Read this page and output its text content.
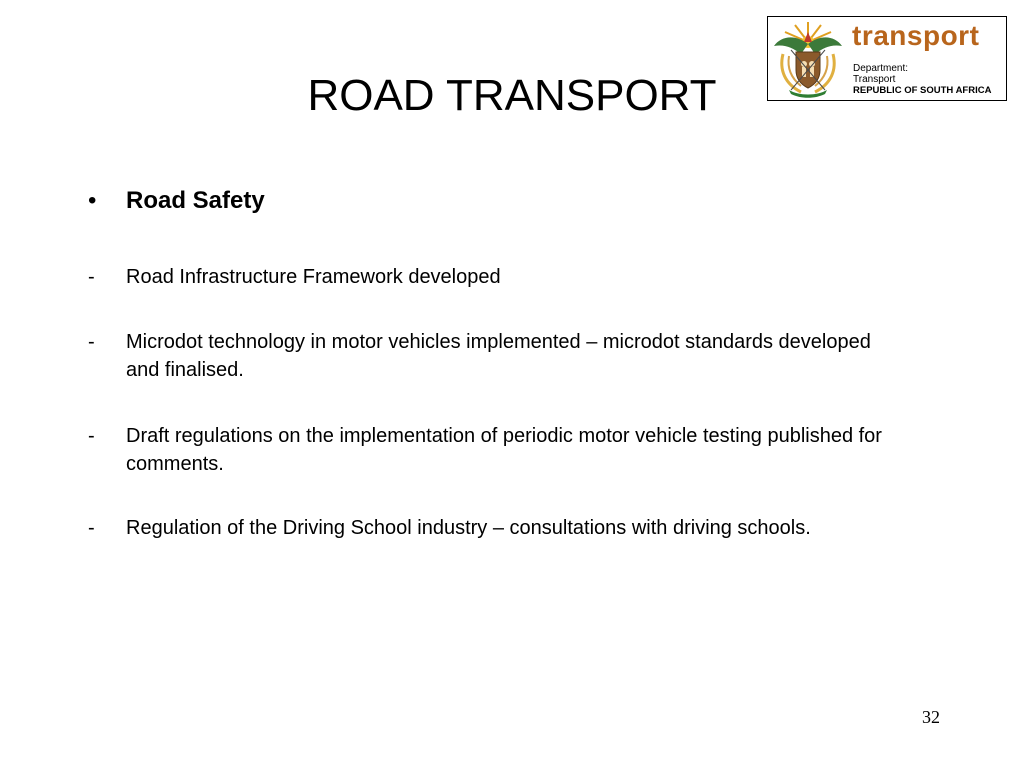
ROAD TRANSPORT
transport
Department:
Transport
REPUBLIC OF SOUTH AFRICA
• Road Safety
- Road Infrastructure Framework developed
- Microdot technology in motor vehicles implemented – microdot standards developed and finalised.
- Draft regulations on the implementation of periodic motor vehicle testing published for comments.
- Regulation of the Driving School industry – consultations with driving schools.
32
